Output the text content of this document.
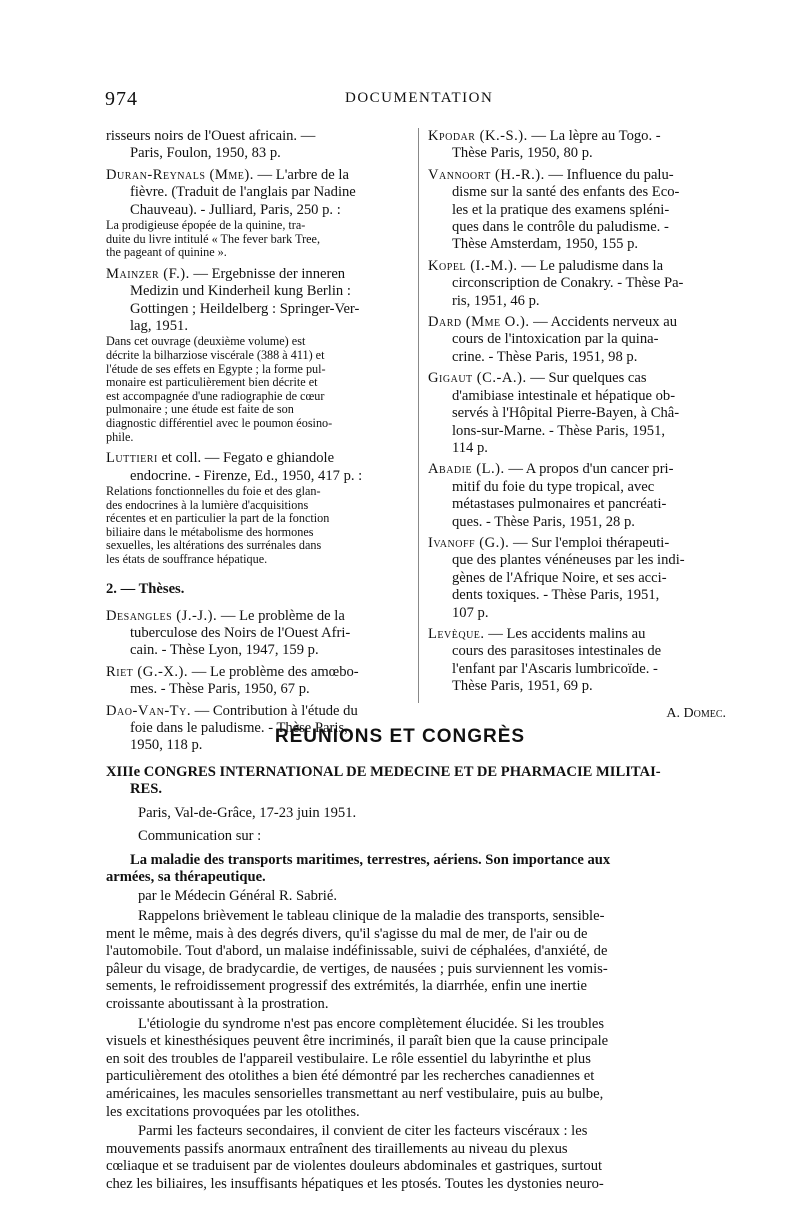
974	DOCUMENTATION
risseurs noirs de l'Ouest africain. —
Paris, Foulon, 1950, 83 p.
Duran-Reynals (Mme). — L'arbre de la
fièvre. (Traduit de l'anglais par Nadine
Chauveau). - Julliard, Paris, 250 p. :
La prodigieuse épopée de la quinine, tra-
duite du livre intitulé « The fever bark Tree,
the pageant of quinine ».
Mainzer (F.). — Ergebnisse der inneren
Medizin und Kinderheil kung Berlin :
Gottingen ; Heildelberg : Springer-Ver-
lag, 1951.
Dans cet ouvrage (deuxième volume) est
décrite la bilharziose viscérale (388 à 411) et
l'étude de ses effets en Egypte ; la forme pul-
monaire est particulièrement bien décrite et
est accompagnée d'une radiographie de cœur
pulmonaire ; une étude est faite de son
diagnostic différentiel avec le poumon éosino-
phile.
Luttieri et coll. — Fegato e ghiandole
endocrine. - Firenze, Ed., 1950, 417 p. :
Relations fonctionnelles du foie et des glan-
des endocrines à la lumière d'acquisitions
récentes et en particulier la part de la fonction
biliaire dans le métabolisme des hormones
sexuelles, les altérations des surrénales dans
les états de souffrance hépatique.
2. — Thèses.
Desangles (J.-J.). — Le problème de la
tuberculose des Noirs de l'Ouest Afri-
cain. - Thèse Lyon, 1947, 159 p.
Riet (G.-X.). — Le problème des amœbo-
mes. - Thèse Paris, 1950, 67 p.
Dao-Van-Ty. — Contribution à l'étude du
foie dans le paludisme. - Thèse Paris,
1950, 118 p.
Kpodar (K.-S.). — La lèpre au Togo. -
Thèse Paris, 1950, 80 p.
Vannoort (H.-R.). — Influence du palu-
disme sur la santé des enfants des Eco-
les et la pratique des examens spléni-
ques dans le contrôle du paludisme. -
Thèse Amsterdam, 1950, 155 p.
Kopel (I.-M.). — Le paludisme dans la
circonscription de Conakry. - Thèse Pa-
ris, 1951, 46 p.
Dard (Mme O.). — Accidents nerveux au
cours de l'intoxication par la quina-
crine. - Thèse Paris, 1951, 98 p.
Gigaut (C.-A.). — Sur quelques cas
d'amibiase intestinale et hépatique ob-
servés à l'Hôpital Pierre-Bayen, à Châ-
lons-sur-Marne. - Thèse Paris, 1951,
114 p.
Abadie (L.). — A propos d'un cancer pri-
mitif du foie du type tropical, avec
métastases pulmonaires et pancréati-
ques. - Thèse Paris, 1951, 28 p.
Ivanoff (G.). — Sur l'emploi thérapeuti-
que des plantes vénéneuses par les indi-
gènes de l'Afrique Noire, et ses acci-
dents toxiques. - Thèse Paris, 1951,
107 p.
Levèque. — Les accidents malins au
cours des parasitoses intestinales de
l'enfant par l'Ascaris lumbricoïde. -
Thèse Paris, 1951, 69 p.
A. Domec.
RÉUNIONS ET CONGRÈS
XIIIe CONGRES INTERNATIONAL DE MEDECINE ET DE PHARMACIE MILITAI-
RES.
Paris, Val-de-Grâce, 17-23 juin 1951.
Communication sur :
La maladie des transports maritimes, terrestres, aériens. Son importance aux
armées, sa thérapeutique.
par le Médecin Général R. Sabrié.
Rappelons brièvement le tableau clinique de la maladie des transports, sensible-
ment le même, mais à des degrés divers, qu'il s'agisse du mal de mer, de l'air ou de
l'automobile. Tout d'abord, un malaise indéfinissable, suivi de céphalées, d'anxiété, de
pâleur du visage, de bradycardie, de vertiges, de nausées ; puis surviennent les vomis-
sements, le refroidissement progressif des extrémités, la diarrhée, enfin une inertie
croissante aboutissant à la prostration.
L'étiologie du syndrome n'est pas encore complètement élucidée. Si les troubles
visuels et kinesthésiques peuvent être incriminés, il paraît bien que la cause principale
en soit des troubles de l'appareil vestibulaire. Le rôle essentiel du labyrinthe et plus
particulièrement des otolithes a bien été démontré par les recherches canadiennes et
américaines, les macules sensorielles transmettant au nerf vestibulaire, puis au bulbe,
les excitations provoquées par les otolithes.
Parmi les facteurs secondaires, il convient de citer les facteurs viscéraux : les
mouvements passifs anormaux entraînent des tiraillements au niveau du plexus
cœliaque et se traduisent par de violentes douleurs abdominales et gastriques, surtout
chez les biliaires, les insuffisants hépatiques et les ptosés. Toutes les dystonies neuro-
